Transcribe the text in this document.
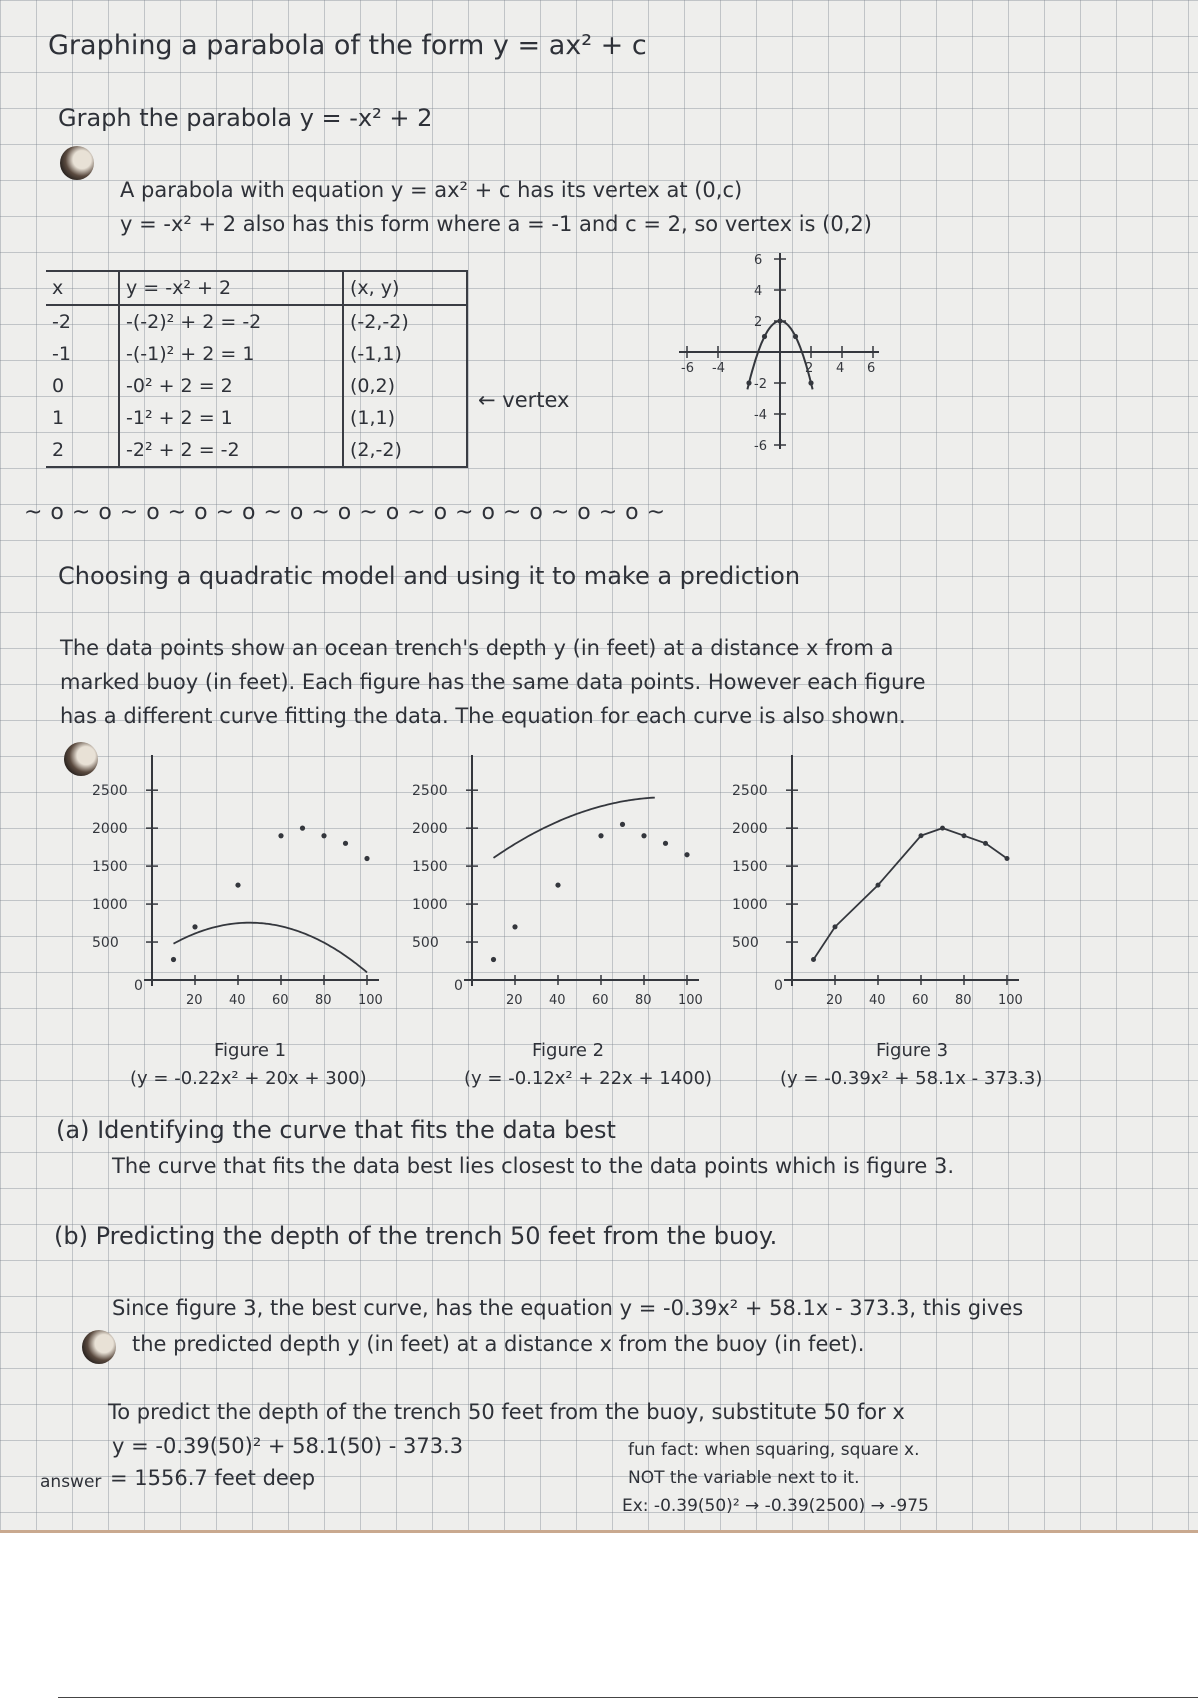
Graphing a parabola of the form y = ax² + c
Graph the parabola y = -x² + 2
A parabola with equation y = ax² + c has its vertex at (0,c)
y = -x² + 2 also has this form where a = -1 and c = 2, so vertex is (0,2)
x	y = -x² + 2	(x, y)
-2	-(-2)² + 2 = -2	(-2,-2)
-1	-(-1)² + 2 = 1	(-1,1)
0	-0² + 2 = 2	(0,2)
1	-1² + 2 = 1	(1,1)
2	-2² + 2 = -2	(2,-2)
← vertex
-6 -4	2 4 6
6
4
2
-2
-4
-6
~o~o~o~o~o~o~o~o~o~o~o~o~o~
Choosing a quadratic model and using it to make a prediction
The data points show an ocean trench's depth y (in feet) at a distance x from a
marked buoy (in feet). Each figure has the same data points. However each figure
has a different curve fitting the data. The equation for each curve is also shown.
0
2500
2000
1500
1000
500
20 40 60 80 100
0
2500
2000
1500
1000
500
20 40 60 80 100
0
2500
2000
1500
1000
500
20 40 60 80 100
Figure 1
(y = -0.22x² + 20x + 300)
Figure 2
(y = -0.12x² + 22x + 1400)
Figure 3
(y = -0.39x² + 58.1x - 373.3)
(a) Identifying the curve that fits the data best
The curve that fits the data best lies closest to the data points which is figure 3.
(b) Predicting the depth of the trench 50 feet from the buoy.
Since figure 3, the best curve, has the equation y = -0.39x² + 58.1x - 373.3, this gives
the predicted depth y (in feet) at a distance x from the buoy (in feet).
To predict the depth of the trench 50 feet from the buoy, substitute 50 for x
y = -0.39(50)² + 58.1(50) - 373.3
answer = 1556.7 feet deep
fun fact: when squaring, square x.
NOT the variable next to it.
Ex: -0.39(50)² → -0.39(2500) → -975
